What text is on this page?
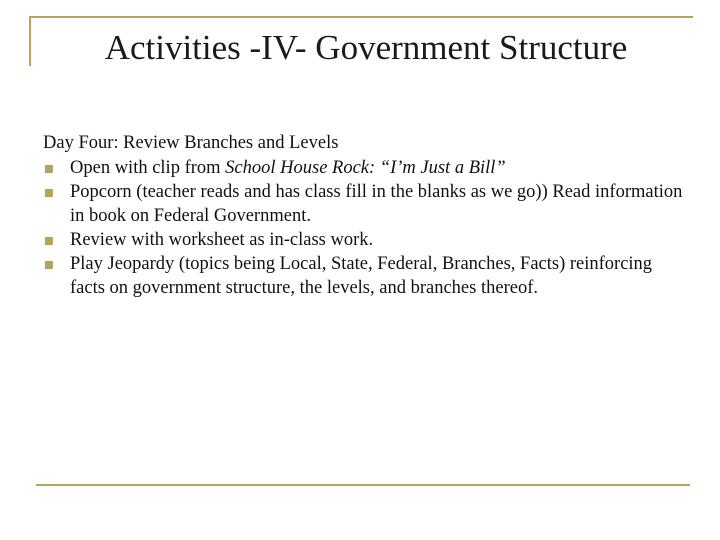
Activities -IV- Government Structure
Day Four: Review Branches and Levels
Open with clip from School House Rock: “I’m Just a Bill”
Popcorn (teacher reads and has class fill in the blanks as we go)) Read information in book on Federal Government.
Review with worksheet as in-class work.
Play Jeopardy (topics being Local, State, Federal, Branches, Facts) reinforcing facts on government structure, the levels, and branches thereof.
